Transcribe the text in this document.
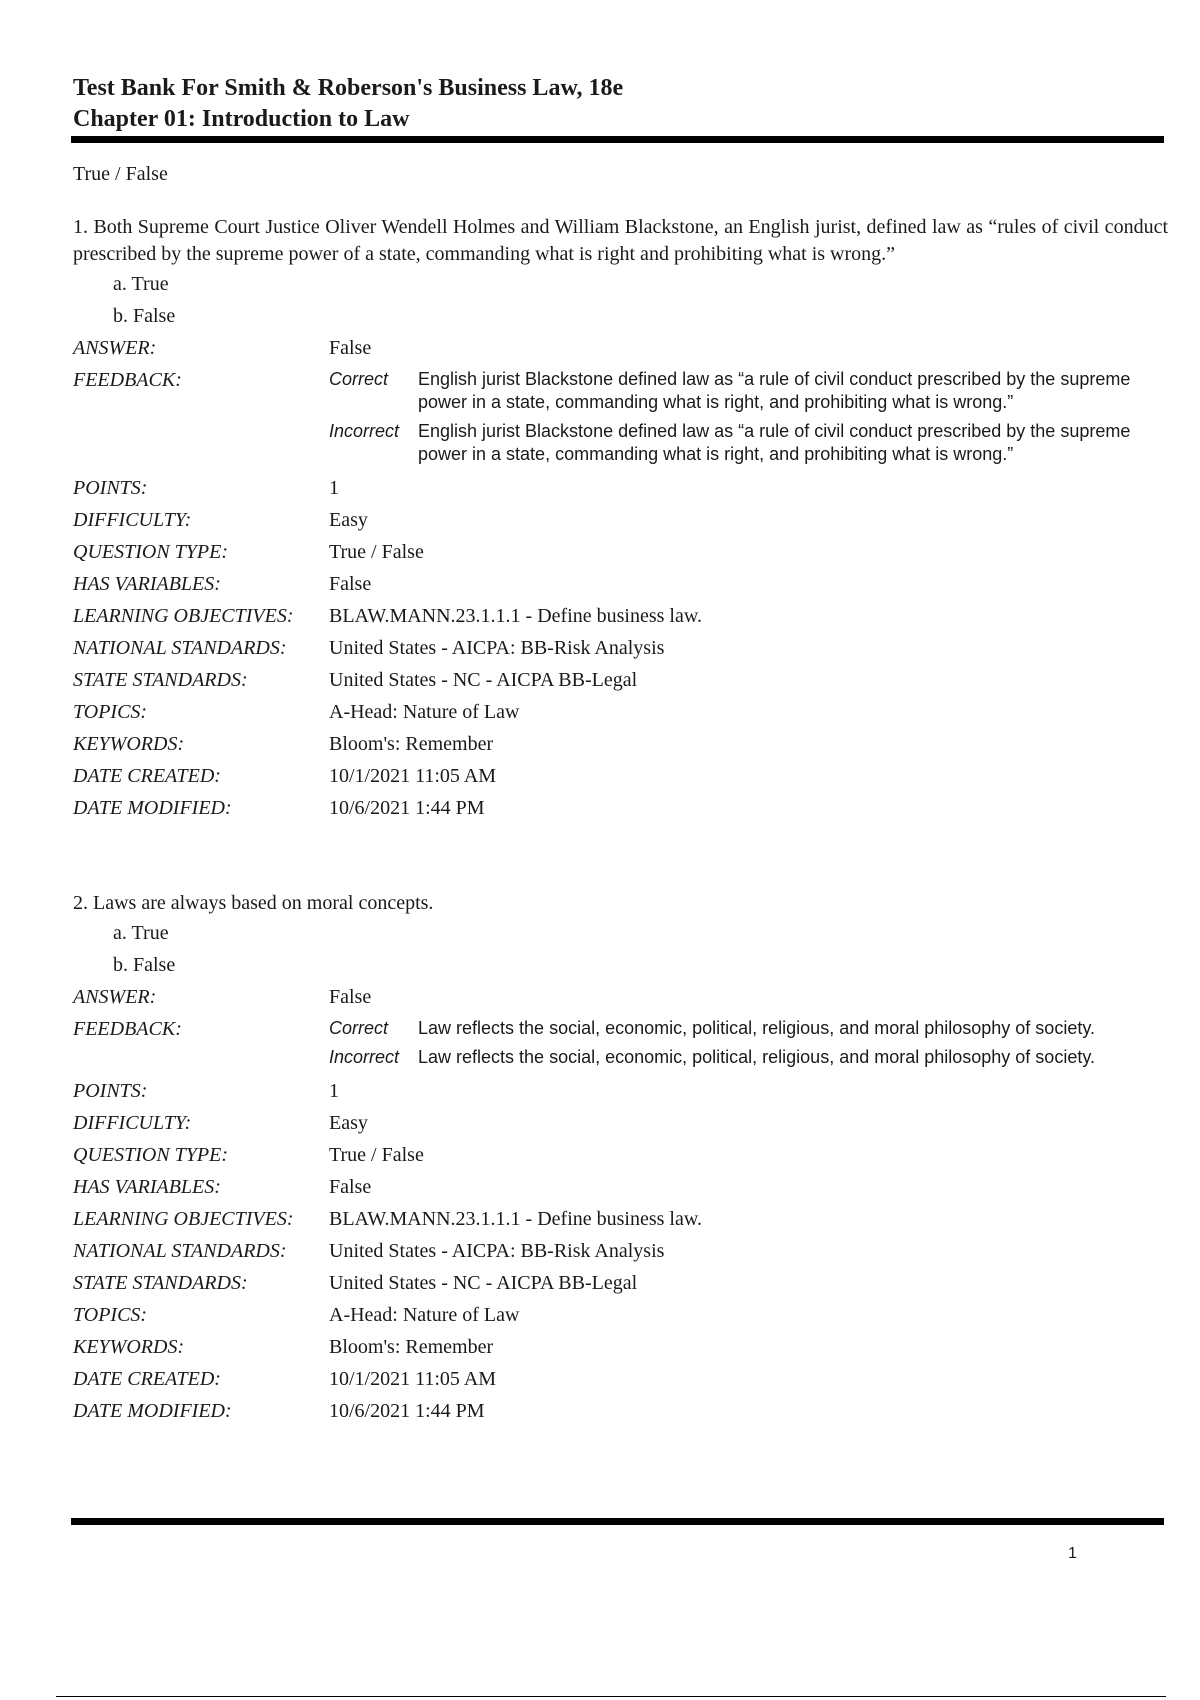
Test Bank For Smith & Roberson's Business Law, 18e
Chapter 01: Introduction to Law
True / False

1. Both Supreme Court Justice Oliver Wendell Holmes and William Blackstone, an English jurist, defined law as “rules of civil conduct prescribed by the supreme power of a state, commanding what is right and prohibiting what is wrong.”

a. True
b. False
ANSWER:	False
FEEDBACK:	Correct	English jurist Blackstone defined law as “a rule of civil conduct prescribed by the supreme power in a state, commanding what is right, and prohibiting what is wrong.”
Incorrect	English jurist Blackstone defined law as “a rule of civil conduct prescribed by the supreme power in a state, commanding what is right, and prohibiting what is wrong.”
POINTS:	1
DIFFICULTY:	Easy
QUESTION TYPE:	True / False
HAS VARIABLES:	False
LEARNING OBJECTIVES:	BLAW.MANN.23.1.1.1 - Define business law.
NATIONAL STANDARDS:	United States - AICPA: BB-Risk Analysis
STATE STANDARDS:	United States - NC - AICPA BB-Legal
TOPICS:	A-Head: Nature of Law
KEYWORDS:	Bloom's: Remember
DATE CREATED:	10/1/2021 11:05 AM
DATE MODIFIED:	10/6/2021 1:44 PM

2. Laws are always based on moral concepts.

a. True
b. False
ANSWER:	False
FEEDBACK:	Correct	Law reflects the social, economic, political, religious, and moral philosophy of society.
Incorrect	Law reflects the social, economic, political, religious, and moral philosophy of society.
POINTS:	1
DIFFICULTY:	Easy
QUESTION TYPE:	True / False
HAS VARIABLES:	False
LEARNING OBJECTIVES:	BLAW.MANN.23.1.1.1 - Define business law.
NATIONAL STANDARDS:	United States - AICPA: BB-Risk Analysis
STATE STANDARDS:	United States - NC - AICPA BB-Legal
TOPICS:	A-Head: Nature of Law
KEYWORDS:	Bloom's: Remember
DATE CREATED:	10/1/2021 11:05 AM
DATE MODIFIED:	10/6/2021 1:44 PM
1
